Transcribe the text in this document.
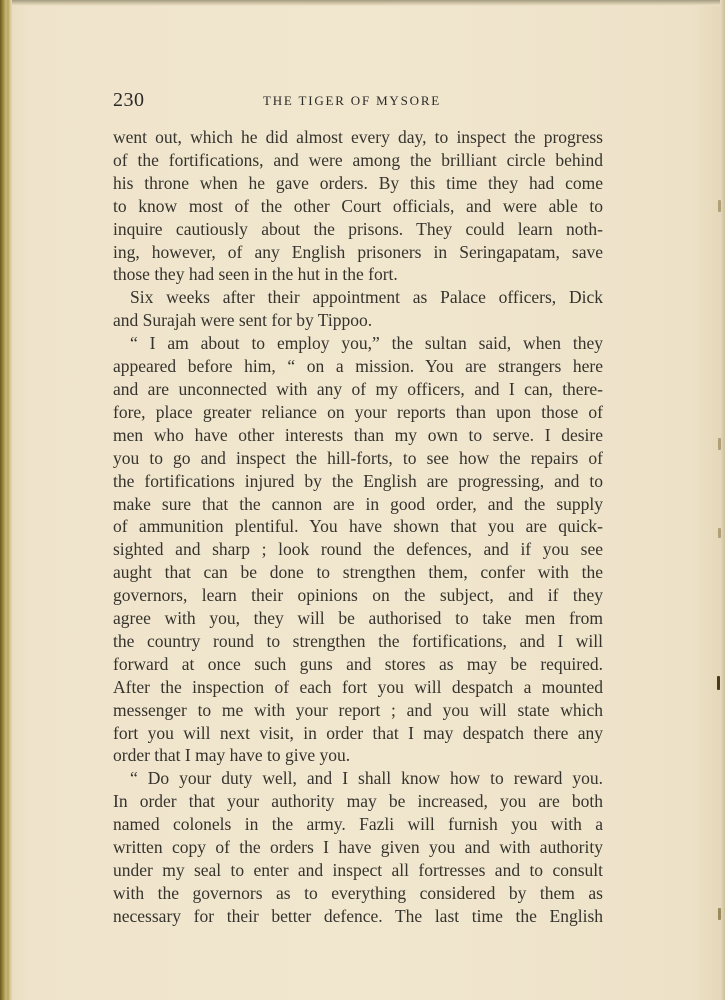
230	THE TIGER OF MYSORE

went out, which he did almost every day, to inspect the progress
of the fortifications, and were among the brilliant circle behind
his throne when he gave orders. By this time they had come
to know most of the other Court officials, and were able to
inquire cautiously about the prisons. They could learn noth-
ing, however, of any English prisoners in Seringapatam, save
those they had seen in the hut in the fort.

Six weeks after their appointment as Palace officers, Dick
and Surajah were sent for by Tippoo.

“ I am about to employ you,” the sultan said, when they
appeared before him, “ on a mission. You are strangers here
and are unconnected with any of my officers, and I can, there-
fore, place greater reliance on your reports than upon those of
men who have other interests than my own to serve. I desire
you to go and inspect the hill-forts, to see how the repairs of
the fortifications injured by the English are progressing, and to
make sure that the cannon are in good order, and the supply
of ammunition plentiful. You have shown that you are quick-
sighted and sharp ; look round the defences, and if you see
aught that can be done to strengthen them, confer with the
governors, learn their opinions on the subject, and if they
agree with you, they will be authorised to take men from
the country round to strengthen the fortifications, and I will
forward at once such guns and stores as may be required.
After the inspection of each fort you will despatch a mounted
messenger to me with your report ; and you will state which
fort you will next visit, in order that I may despatch there any
order that I may have to give you.

“ Do your duty well, and I shall know how to reward you.
In order that your authority may be increased, you are both
named colonels in the army. Fazli will furnish you with a
written copy of the orders I have given you and with authority
under my seal to enter and inspect all fortresses and to consult
with the governors as to everything considered by them as
necessary for their better defence. The last time the English
